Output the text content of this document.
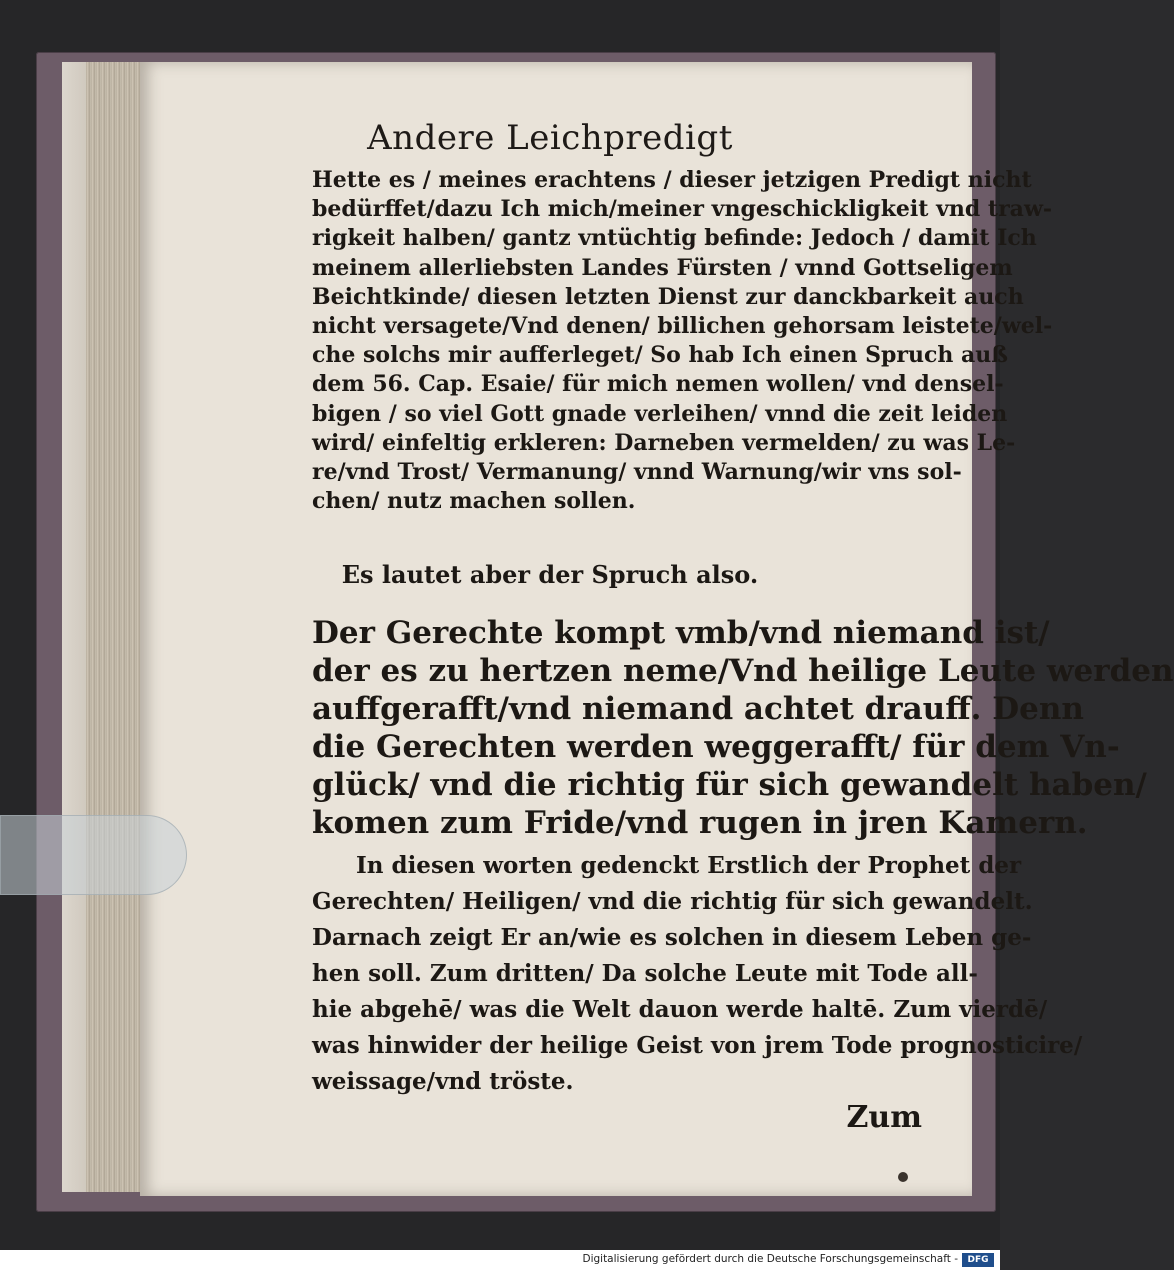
Andere Leichpredigt

Hette es / meines erachtens / dieser jetzigen Predigt nicht
bedürffet/dazu Ich mich/meiner vngeschickligkeit vnd traw-
rigkeit halben/ gantz vntüchtig befinde: Jedoch / damit Ich
meinem allerliebsten Landes Fürsten / vnnd Gottseligem
Beichtkinde/ diesen letzten Dienst zur danckbarkeit auch
nicht versagete/Vnd denen/ billichen gehorsam leistete/wel-
che solchs mir aufferleget/ So hab Ich einen Spruch auß
dem 56. Cap. Esaie/ für mich nemen wollen/ vnd densel-
bigen / so viel Gott gnade verleihen/ vnnd die zeit leiden
wird/ einfeltig erkleren: Darneben vermelden/ zu was Le-
re/vnd Trost/ Vermanung/ vnnd Warnung/wir vns sol-
chen/ nutz machen sollen.

Es lautet aber der Spruch also.

Der Gerechte kompt vmb/vnd niemand ist/
der es zu hertzen neme/Vnd heilige Leute werden
auffgerafft/vnd niemand achtet drauff. Denn
die Gerechten werden weggerafft/ für dem Vn-
glück/ vnd die richtig für sich gewandelt haben/
komen zum Fride/vnd rugen in jren Kamern.

In diesen worten gedenckt Erstlich der Prophet der
Gerechten/ Heiligen/ vnd die richtig für sich gewandelt.
Darnach zeigt Er an/wie es solchen in diesem Leben ge-
hen soll. Zum dritten/ Da solche Leute mit Tode all-
hie abgehē/ was die Welt dauon werde haltē. Zum vierdē/
was hinwider der heilige Geist von jrem Tode prognosticire/
weissage/vnd tröste.

Zum
Digitalisierung gefördert durch die Deutsche Forschungsgemeinschaft -	DFG
